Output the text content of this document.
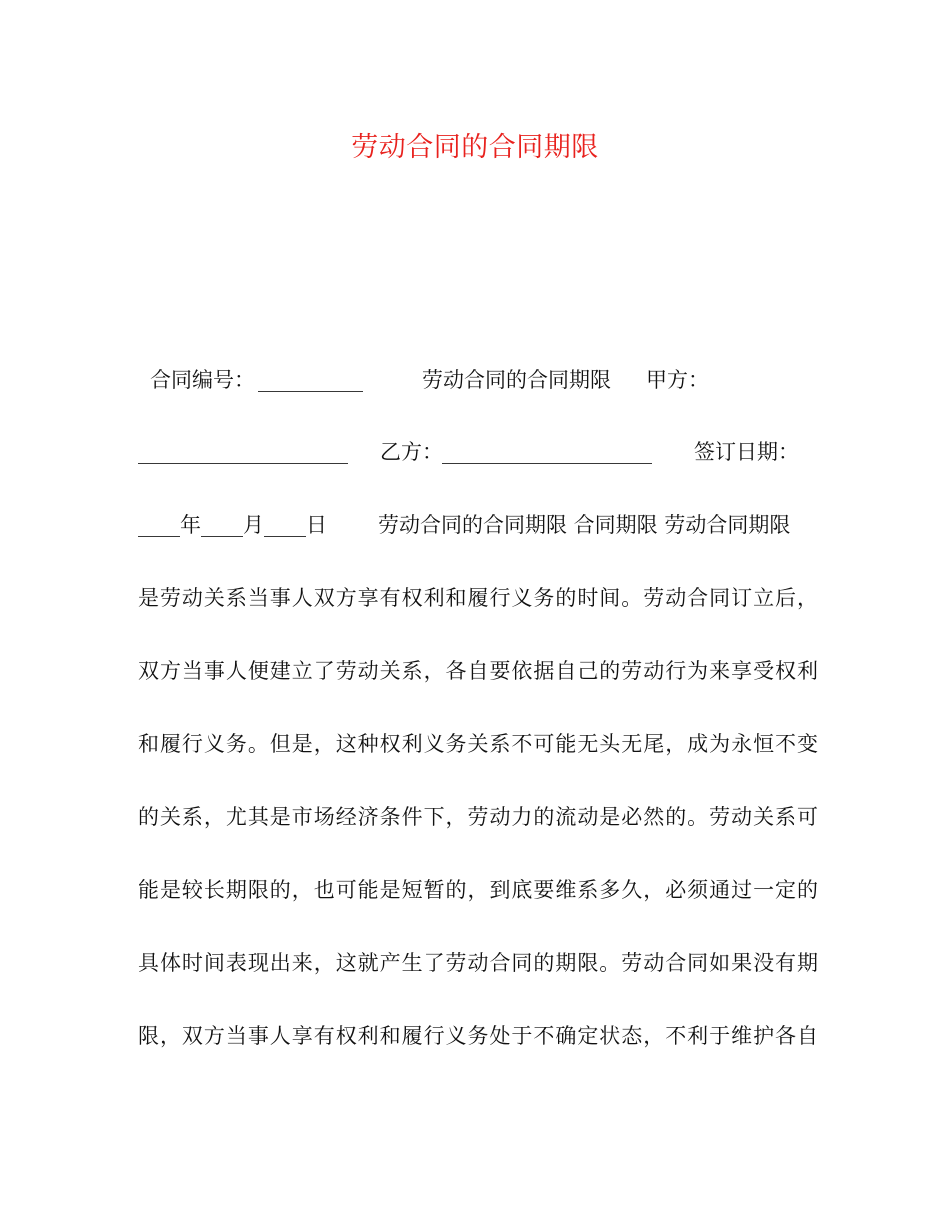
劳动合同的合同期限
合同编号： __________	劳动合同的合同期限 甲方：
____________________ 乙方： ____________________ 签订日期：
____年____月____日 劳动合同的合同期限 合同期限 劳动合同期限
是劳动关系当事人双方享有权利和履行义务的时间。劳动合同订立后，
双方当事人便建立了劳动关系，各自要依据自己的劳动行为来享受权利
和履行义务。但是，这种权利义务关系不可能无头无尾，成为永恒不变
的关系，尤其是市场经济条件下，劳动力的流动是必然的。劳动关系可
能是较长期限的，也可能是短暂的，到底要维系多久，必须通过一定的
具体时间表现出来，这就产生了劳动合同的期限。劳动合同如果没有期
限，双方当事人享有权利和履行义务处于不确定状态，不利于维护各自
